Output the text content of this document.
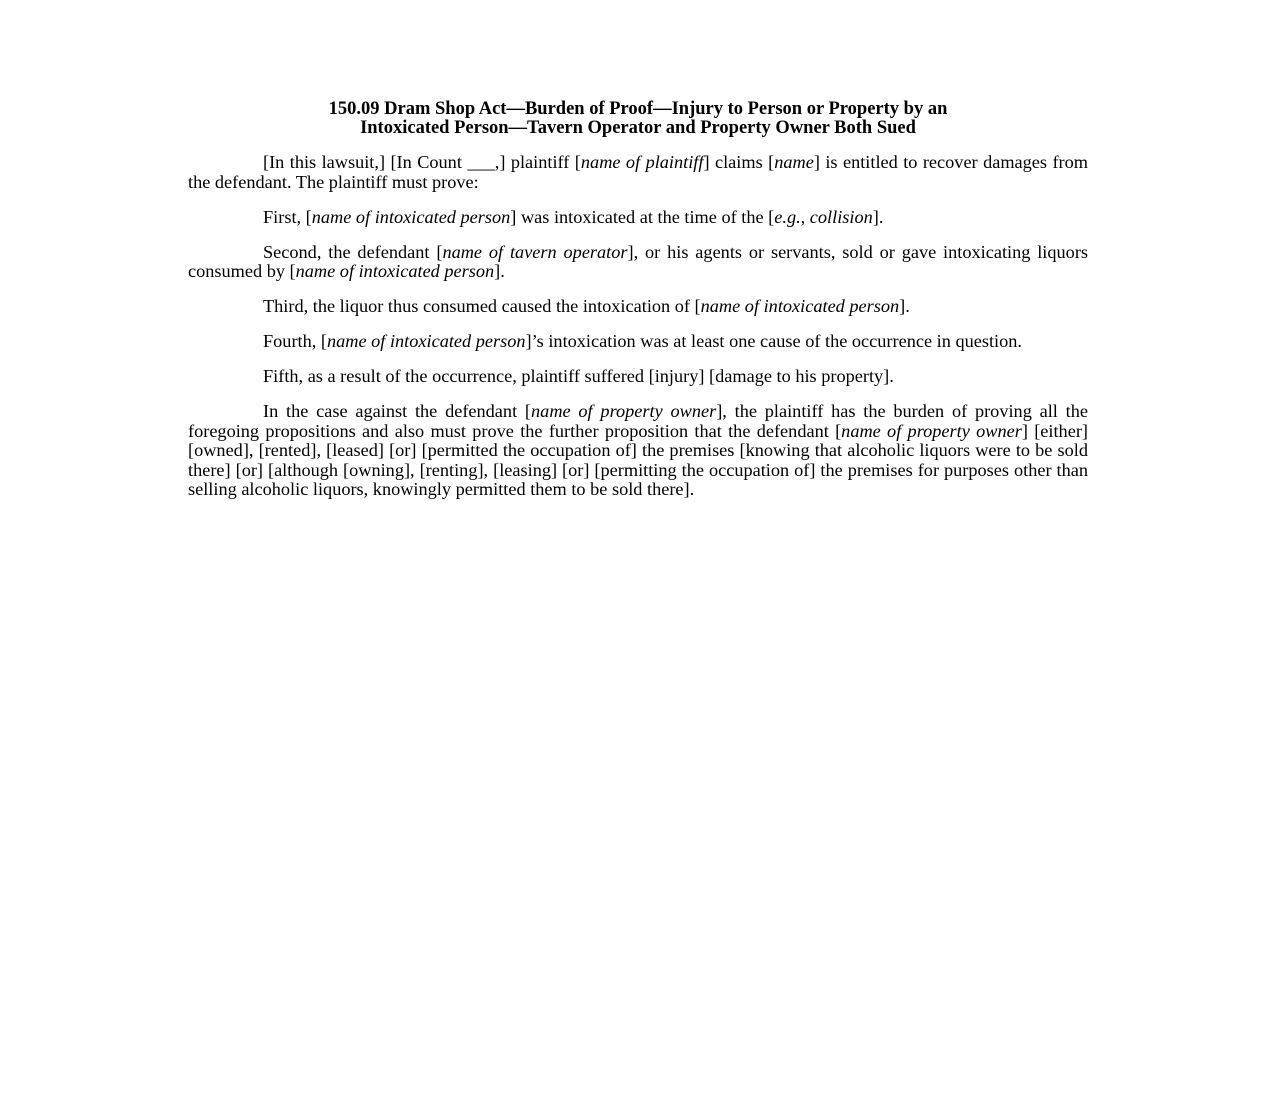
150.09 Dram Shop Act—Burden of Proof—Injury to Person or Property by an
Intoxicated Person—Tavern Operator and Property Owner Both Sued

[In this lawsuit,] [In Count ___,] plaintiff [name of plaintiff] claims [name] is entitled to recover damages from the defendant. The plaintiff must prove:

First, [name of intoxicated person] was intoxicated at the time of the [e.g., collision].

Second, the defendant [name of tavern operator], or his agents or servants, sold or gave intoxicating liquors consumed by [name of intoxicated person].

Third, the liquor thus consumed caused the intoxication of [name of intoxicated person].

Fourth, [name of intoxicated person]’s intoxication was at least one cause of the occurrence in question.

Fifth, as a result of the occurrence, plaintiff suffered [injury] [damage to his property].

In the case against the defendant [name of property owner], the plaintiff has the burden of proving all the foregoing propositions and also must prove the further proposition that the defendant [name of property owner] [either] [owned], [rented], [leased] [or] [permitted the occupation of] the premises [knowing that alcoholic liquors were to be sold there] [or] [although [owning], [renting], [leasing] [or] [permitting the occupation of] the premises for purposes other than selling alcoholic liquors, knowingly permitted them to be sold there].
